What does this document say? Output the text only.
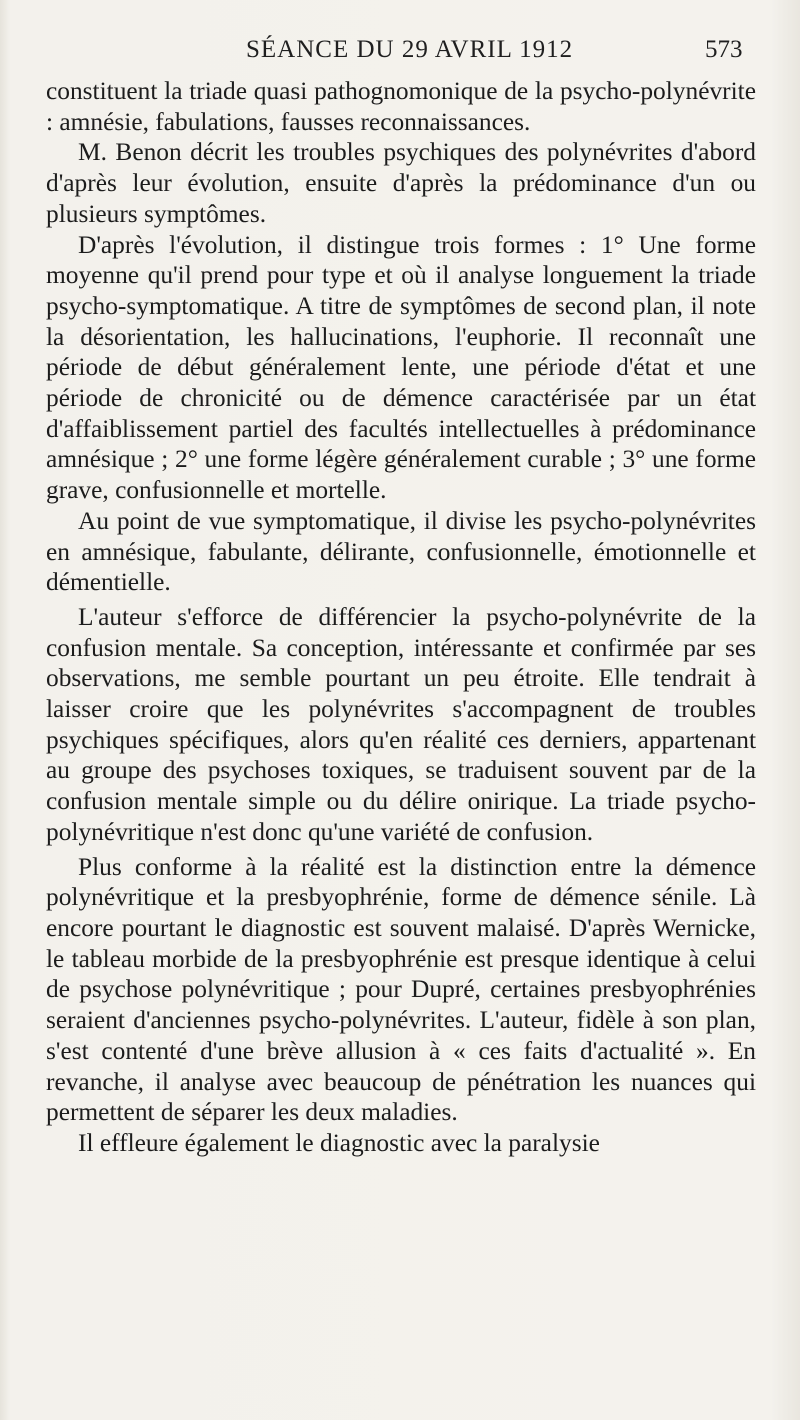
SÉANCE DU 29 AVRIL 1912	573

constituent la triade quasi pathognomonique de la psycho-polynévrite : amnésie, fabulations, fausses reconnaissances.

M. Benon décrit les troubles psychiques des polynévrites d'abord d'après leur évolution, ensuite d'après la prédominance d'un ou plusieurs symptômes.

D'après l'évolution, il distingue trois formes : 1° Une forme moyenne qu'il prend pour type et où il analyse longuement la triade psycho-symptomatique. A titre de symptômes de second plan, il note la désorientation, les hallucinations, l'euphorie. Il reconnaît une période de début généralement lente, une période d'état et une période de chronicité ou de démence caractérisée par un état d'affaiblissement partiel des facultés intellectuelles à prédominance amnésique ; 2° une forme légère généralement curable ; 3° une forme grave, confusionnelle et mortelle.

Au point de vue symptomatique, il divise les psycho-polynévrites en amnésique, fabulante, délirante, confusionnelle, émotionnelle et démentielle.

L'auteur s'efforce de différencier la psycho-polynévrite de la confusion mentale. Sa conception, intéressante et confirmée par ses observations, me semble pourtant un peu étroite. Elle tendrait à laisser croire que les polynévrites s'accompagnent de troubles psychiques spécifiques, alors qu'en réalité ces derniers, appartenant au groupe des psychoses toxiques, se traduisent souvent par de la confusion mentale simple ou du délire onirique. La triade psycho-polynévritique n'est donc qu'une variété de confusion.

Plus conforme à la réalité est la distinction entre la démence polynévritique et la presbyophrénie, forme de démence sénile. Là encore pourtant le diagnostic est souvent malaisé. D'après Wernicke, le tableau morbide de la presbyophrénie est presque identique à celui de psychose polynévritique ; pour Dupré, certaines presbyophrénies seraient d'anciennes psycho-polynévrites. L'auteur, fidèle à son plan, s'est contenté d'une brève allusion à « ces faits d'actualité ». En revanche, il analyse avec beaucoup de pénétration les nuances qui permettent de séparer les deux maladies.

Il effleure également le diagnostic avec la paralysie
